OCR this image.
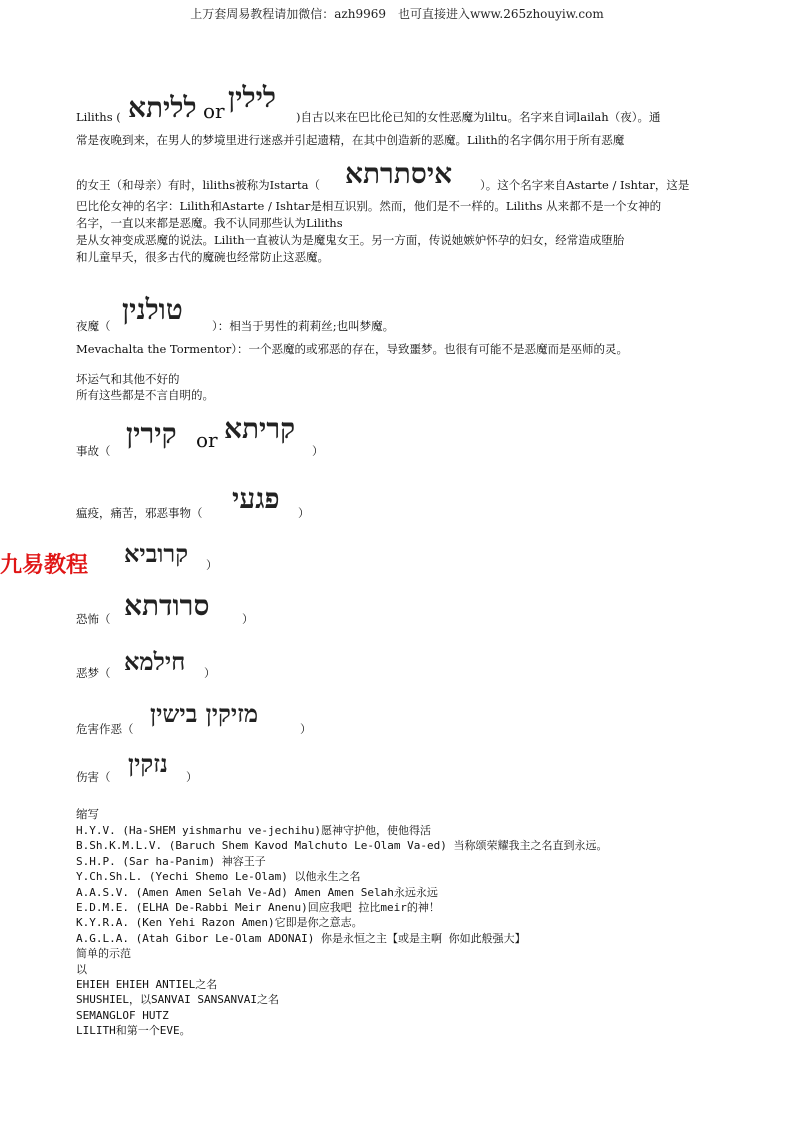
上万套周易教程请加微信：azh9969　也可直接进入www.265zhouyiw.com
Liliths ( לליתא or לילין
)自古以来在巴比伦已知的女性恶魔为liltu。名字来自词lailah（夜）。通
常是夜晚到来，在男人的梦境里进行迷惑并引起遗精，在其中创造新的恶魔。Lilith的名字偶尔用于所有恶魔
的女王（和母亲）有时，liliths被称为Istarta（ איסתרתא ）。这个名字来自Astarte / Ishtar，这是
巴比伦女神的名字：Lilith和Astarte / Ishtar是相互识别。然而，他们是不一样的。Liliths 从来都不是一个女神的
名字，一直以来都是恶魔。我不认同那些认为Liliths
是从女神变成恶魔的说法。Lilith一直被认为是魔鬼女王。另一方面，传说她嫉妒怀孕的妇女，经常造成堕胎
和儿童早夭，很多古代的魔碗也经常防止这恶魔。
夜魔（ טולנין	）：相当于男性的莉莉丝;也叫梦魔。
Mevachalta the Tormentor）：一个恶魔的或邪恶的存在，导致噩梦。也很有可能不是恶魔而是巫师的灵。
坏运气和其他不好的
所有这些都是不言自明的。
事故（
קירין or קריתא
）
瘟疫，痛苦，邪恶事物（ פגעי ）
九易教程 קרוביא ）
恐怖（ סרודתא	）
恶梦（ חילמא ）
危害作恶（
מזיקין בישין
）
伤害（ נזקין ）
缩写
H.Y.V. (Ha-SHEM yishmarhu ve-jechihu)愿神守护他，使他得活
B.Sh.K.M.L.V. (Baruch Shem Kavod Malchuto Le-Olam Va-ed) 当称颂荣耀我主之名直到永远。
S.H.P. (Sar ha-Panim) 神容王子
Y.Ch.Sh.L. (Yechi Shemo Le-Olam) 以他永生之名
A.A.S.V. (Amen Amen Selah Ve-Ad) Amen Amen Selah永远永远
E.D.M.E. (ELHA De-Rabbi Meir Anenu)回应我吧 拉比meir的神！
K.Y.R.A. (Ken Yehi Razon Amen)它即是你之意志。
A.G.L.A. (Atah Gibor Le-Olam ADONAI) 你是永恒之主【或是主啊 你如此般强大】
简单的示范
以
EHIEH EHIEH ANTIEL之名
SHUSHIEL，以SANVAI SANSANVAI之名
SEMANGLOF HUTZ
LILITH和第一个EVE。
